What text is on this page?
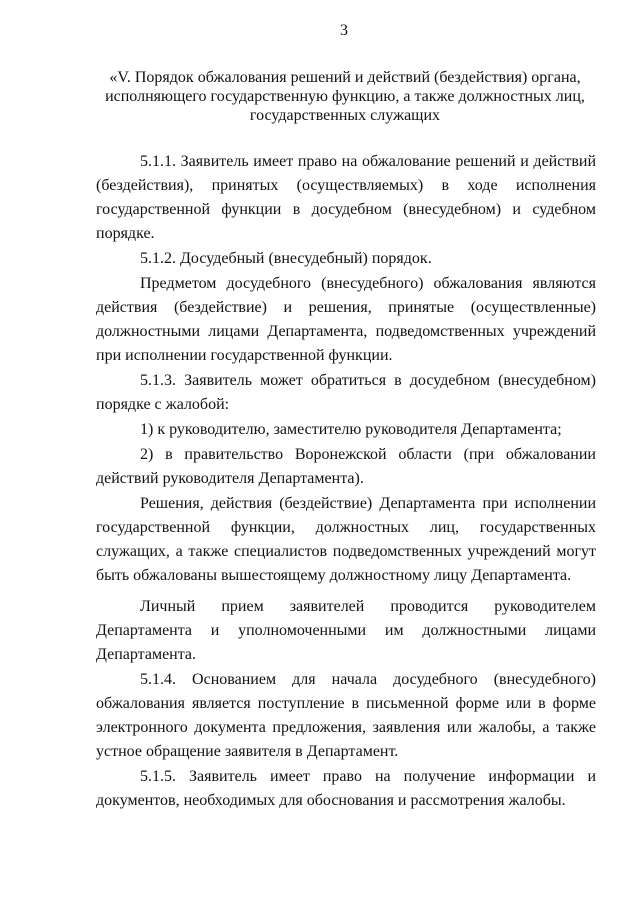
3
«V. Порядок обжалования решений и действий (бездействия) органа, исполняющего государственную функцию, а также должностных лиц, государственных служащих

5.1.1. Заявитель имеет право на обжалование решений и действий (бездействия), принятых (осуществляемых) в ходе исполнения государственной функции в досудебном (внесудебном) и судебном порядке.

5.1.2. Досудебный (внесудебный) порядок.

Предметом досудебного (внесудебного) обжалования являются действия (бездействие) и решения, принятые (осуществленные) должностными лицами Департамента, подведомственных учреждений при исполнении государственной функции.

5.1.3. Заявитель может обратиться в досудебном (внесудебном) порядке с жалобой:

1) к руководителю, заместителю руководителя Департамента;

2) в правительство Воронежской области (при обжаловании действий руководителя Департамента).

Решения, действия (бездействие) Департамента при исполнении государственной функции, должностных лиц, государственных служащих, а также специалистов подведомственных учреждений могут быть обжалованы вышестоящему должностному лицу Департамента.

Личный прием заявителей проводится руководителем Департамента и уполномоченными им должностными лицами Департамента.

5.1.4. Основанием для начала досудебного (внесудебного) обжалования является поступление в письменной форме или в форме электронного документа предложения, заявления или жалобы, а также устное обращение заявителя в Департамент.

5.1.5. Заявитель имеет право на получение информации и документов, необходимых для обоснования и рассмотрения жалобы.
